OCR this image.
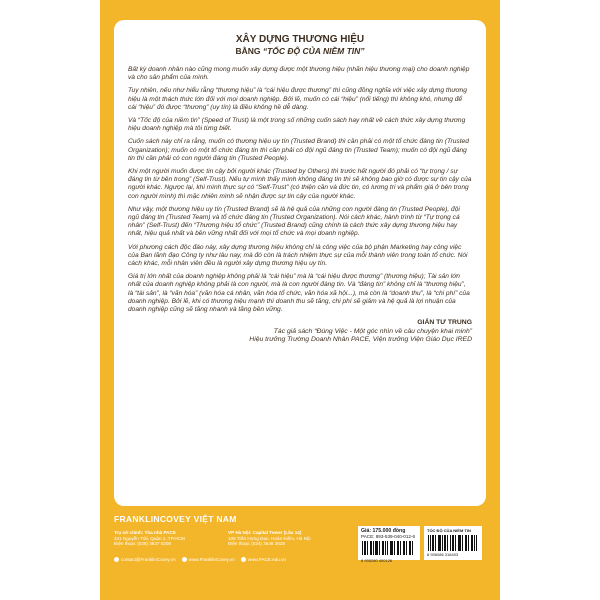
XÂY DỰNG THƯƠNG HIỆU

BẰNG “TỐC ĐỘ CỦA NIỀM TIN”

Bất kỳ doanh nhân nào cũng mong muốn xây dựng được một thương hiệu (nhãn hiệu thương mại) cho doanh nghiệp và cho sản phẩm của mình.

Tuy nhiên, nếu như hiểu rằng “thương hiệu” là “cái hiệu được thương” thì cũng đồng nghĩa với việc xây dựng thương hiệu là một thách thức lớn đối với mọi doanh nghiệp. Bởi lẽ, muốn có cái “hiệu” (nổi tiếng) thì không khó, nhưng để cái “hiệu” đó được “thương” (uy tín) là điều không hề dễ dàng.

Và “Tốc độ của niềm tin” (Speed of Trust) là một trong số những cuốn sách hay nhất về cách thức xây dựng thương hiệu doanh nghiệp mà tôi từng biết.

Cuốn sách này chỉ ra rằng, muốn có thương hiệu uy tín (Trusted Brand) thì cần phải có một tổ chức đáng tin (Trusted Organization); muốn có một tổ chức đáng tin thì cần phải có đội ngũ đáng tin (Trusted Team); muốn có đội ngũ đáng tin thì cần phải có con người đáng tin (Trusted People).

Khi một người muốn được tin cậy bởi người khác (Trusted by Others) thì trước hết người đó phải có “tự trọng / sự đáng tin từ bên trong” (Self-Trust). Nếu tự mình thấy mình không đáng tin thì sẽ không bao giờ có được sự tin cậy của người khác. Ngược lại, khi mình thực sự có “Self-Trust” (có thiện cần và đức tin, có lương tri và phẩm giá ở bên trong con người mình) thì mặc nhiên mình sẽ nhận được sự tin cậy của người khác.

Như vậy, một thương hiệu uy tín (Trusted Brand) sẽ là hệ quả của những con người đáng tin (Trusted People), đội ngũ đáng tin (Trusted Team) và tổ chức đáng tin (Trusted Organization). Nói cách khác, hành trình từ “Tự trọng cá nhân” (Self-Trust) đến “Thương hiệu tổ chức” (Trusted Brand) cũng chính là cách thức xây dựng thương hiệu hay nhất, hiệu quả nhất và bền vững nhất đối với mọi tổ chức và mọi doanh nghiệp.

Với phương cách độc đáo này, xây dựng thương hiệu không chỉ là công việc của bộ phận Marketing hay công việc của Ban lãnh đạo Công ty như lâu nay, mà đó còn là trách nhiệm thực sự của mỗi thành viên trong toàn tổ chức. Nói cách khác, mỗi nhân viên đều là người xây dựng thương hiệu uy tín.

Giá trị lớn nhất của doanh nghiệp không phải là “cái hiệu” mà là “cái hiệu được thương” (thương hiệu); Tài sản lớn nhất của doanh nghiệp không phải là con người, mà là con người đáng tin. Và “đáng tin” không chỉ là “thương hiệu”, là “tài sản”, là “văn hóa” (văn hóa cá nhân, văn hóa tổ chức, văn hóa xã hội...), mà còn là “doanh thu”, là “chi phí” của doanh nghiệp. Bởi lẽ, khi có thương hiệu mạnh thì doanh thu sẽ tăng, chi phí sẽ giảm và hệ quả là lợi nhuận của doanh nghiệp cũng sẽ tăng nhanh và tăng bền vững.

GIẢN TƯ TRUNG
Tác giả sách “Đúng Việc - Một góc nhìn về câu chuyện khai minh”
Hiệu trưởng Trường Doanh Nhân PACE, Viện trưởng Viện Giáo Dục IRED
FRANKLINCOVEY VIỆT NAM
Trụ sở chính: Tòa nhà PACE
341 Nguyễn Trãi, Quận 1, TP.HCM
Điện thoại: (028) 3837 0208
VP Hà Nội: Capital Tower (Lầu 14)
109 Trần Hưng Đạo, Hoàn Kiếm, Hà Nội
Điện thoại: (024) 3646 2828
contact@FranklinCovey.vn	www.FranklinCovey.vn	www.PACE.edu.vn
Giá: 175.000 đồng
PACE: 893-539-040-012-6
8 935280 400126
TỐC ĐỘ CỦA NIỀM TIN
8 936086 318403
